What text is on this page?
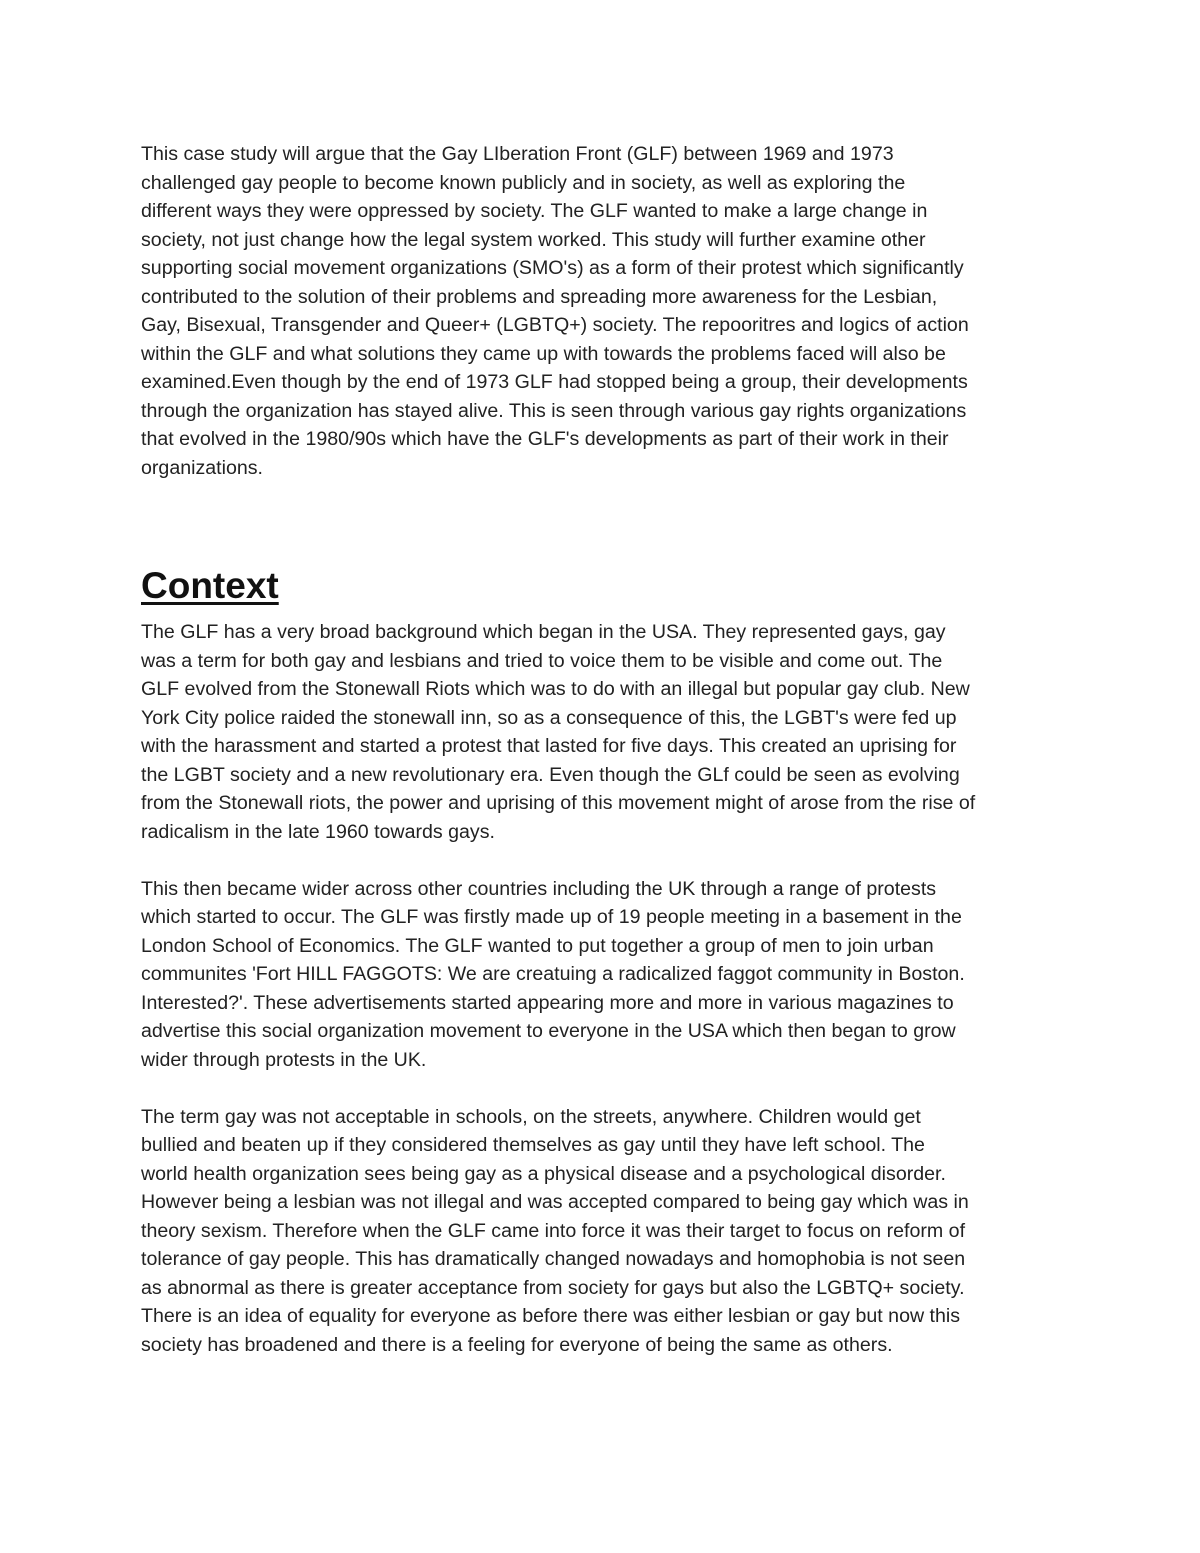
This case study will argue that the Gay LIberation Front (GLF) between 1969 and 1973
challenged gay people to become known publicly and in society, as well as exploring the
different ways they were oppressed by society. The GLF wanted to make a large change in
society, not just change how the legal system worked. This study will further examine other
supporting social movement organizations (SMO's) as a form of their protest which significantly
contributed to the solution of their problems and spreading more awareness for the Lesbian,
Gay, Bisexual, Transgender and Queer+ (LGBTQ+) society. The repooritres and logics of action
within the GLF and what solutions they came up with towards the problems faced will also be
examined.Even though by the end of 1973 GLF had stopped being a group, their developments
through the organization has stayed alive. This is seen through various gay rights organizations
that evolved in the 1980/90s which have the GLF's developments as part of their work in their
organizations.

Context

The GLF has a very broad background which began in the USA. They represented gays, gay
was a term for both gay and lesbians and tried to voice them to be visible and come out. The
GLF evolved from the Stonewall Riots which was to do with an illegal but popular gay club. New
York City police raided the stonewall inn, so as a consequence of this, the LGBT's were fed up
with the harassment and started a protest that lasted for five days. This created an uprising for
the LGBT society and a new revolutionary era. Even though the GLf could be seen as evolving
from the Stonewall riots, the power and uprising of this movement might of arose from the rise of
radicalism in the late 1960 towards gays.

This then became wider across other countries including the UK through a range of protests
which started to occur. The GLF was firstly made up of 19 people meeting in a basement in the
London School of Economics. The GLF wanted to put together a group of men to join urban
communites 'Fort HILL FAGGOTS: We are creatuing a radicalized faggot community in Boston.
Interested?'. These advertisements started appearing more and more in various magazines to
advertise this social organization movement to everyone in the USA which then began to grow
wider through protests in the UK.

The term gay was not acceptable in schools, on the streets, anywhere. Children would get
bullied and beaten up if they considered themselves as gay until they have left school. The
world health organization sees being gay as a physical disease and a psychological disorder.
However being a lesbian was not illegal and was accepted compared to being gay which was in
theory sexism. Therefore when the GLF came into force it was their target to focus on reform of
tolerance of gay people. This has dramatically changed nowadays and homophobia is not seen
as abnormal as there is greater acceptance from society for gays but also the LGBTQ+ society.
There is an idea of equality for everyone as before there was either lesbian or gay but now this
society has broadened and there is a feeling for everyone of being the same as others.
